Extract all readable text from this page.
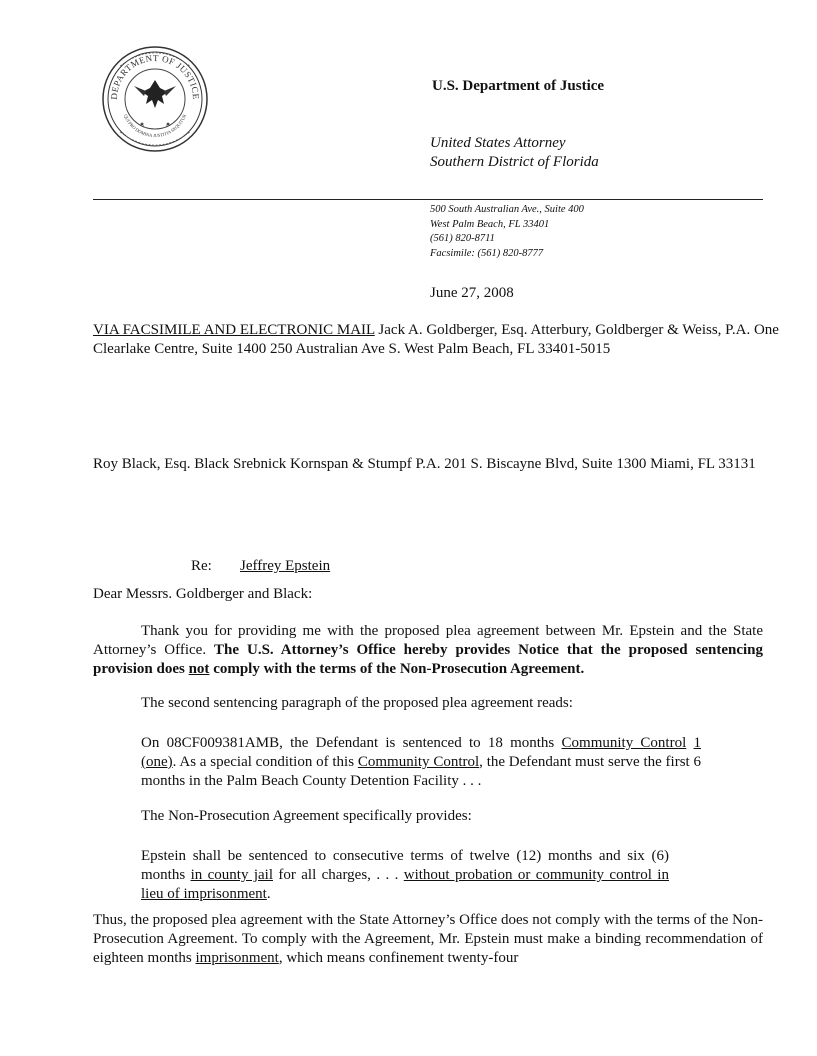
DEPARTMENT OF JUSTICE
QUI PRO DOMINA JUSTITIA SEQUITUR
U.S. Department of Justice
United States Attorney
Southern District of Florida
500 South Australian Ave., Suite 400
West Palm Beach, FL 33401
(561) 820-8711
Facsimile: (561) 820-8777
June 27, 2008
VIA FACSIMILE AND ELECTRONIC MAIL Jack A. Goldberger, Esq. Atterbury, Goldberger & Weiss, P.A. One Clearlake Centre, Suite 1400 250 Australian Ave S. West Palm Beach, FL 33401-5015
Roy Black, Esq. Black Srebnick Kornspan & Stumpf P.A. 201 S. Biscayne Blvd, Suite 1300 Miami, FL 33131
Re: Jeffrey Epstein
Dear Messrs. Goldberger and Black:
Thank you for providing me with the proposed plea agreement between Mr. Epstein and the State Attorney’s Office. The U.S. Attorney’s Office hereby provides Notice that the proposed sentencing provision does not comply with the terms of the Non-Prosecution Agreement.
The second sentencing paragraph of the proposed plea agreement reads:
On 08CF009381AMB, the Defendant is sentenced to 18 months Community Control 1 (one). As a special condition of this Community Control, the Defendant must serve the first 6 months in the Palm Beach County Detention Facility . . .
The Non-Prosecution Agreement specifically provides:
Epstein shall be sentenced to consecutive terms of twelve (12) months and six (6) months in county jail for all charges, . . . without probation or community control in lieu of imprisonment.
Thus, the proposed plea agreement with the State Attorney’s Office does not comply with the terms of the Non-Prosecution Agreement. To comply with the Agreement, Mr. Epstein must make a binding recommendation of eighteen months imprisonment, which means confinement twenty-four
